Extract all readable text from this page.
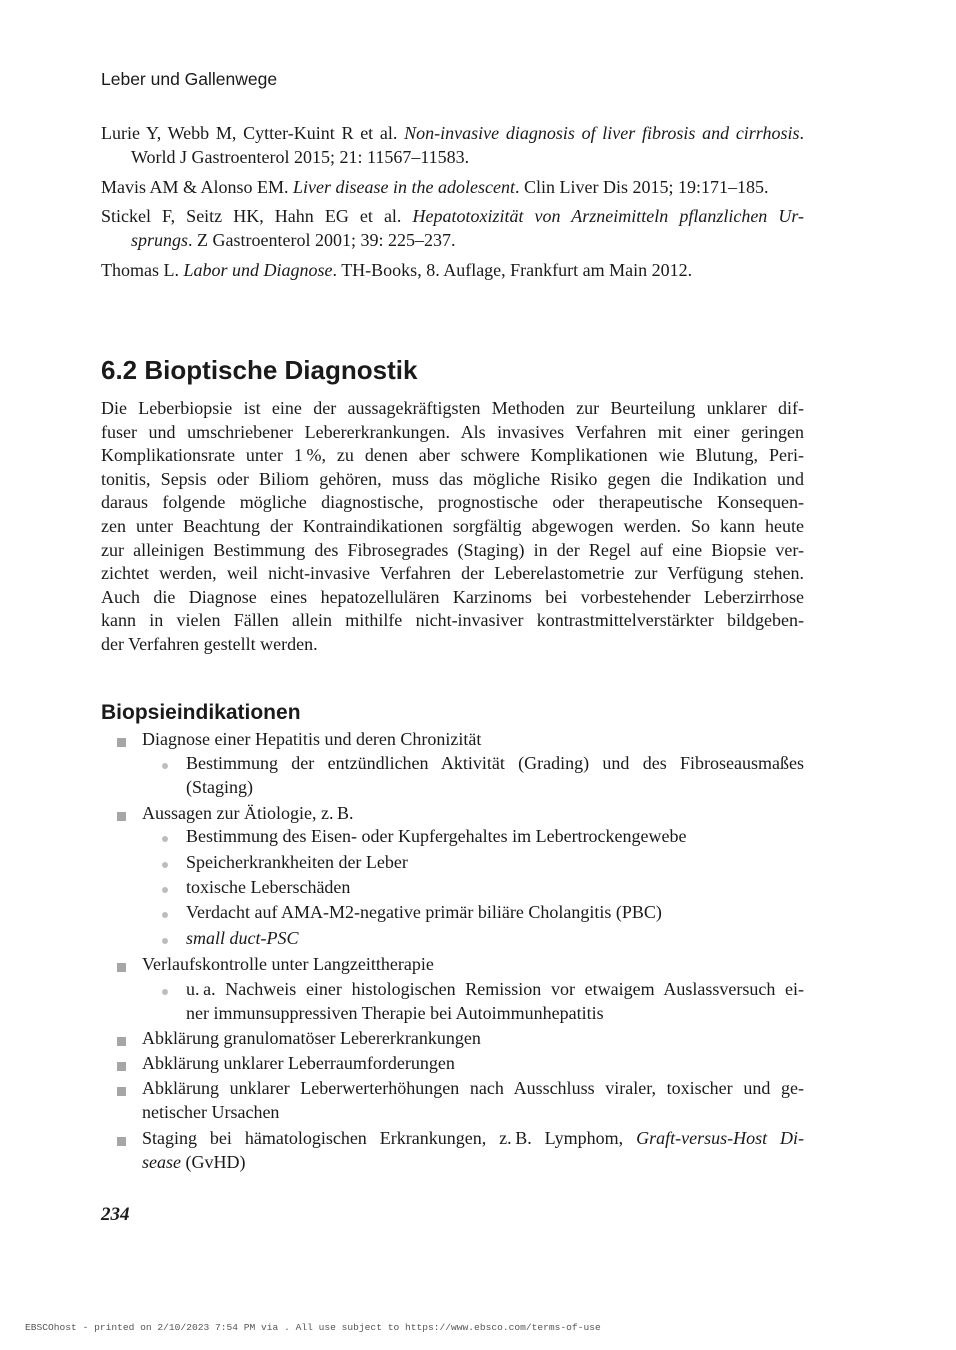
Leber und Gallenwege
Lurie Y, Webb M, Cytter-Kuint R et al. Non-invasive diagnosis of liver fibrosis and cirrhosis.
World J Gastroenterol 2015; 21: 11567–11583.
Mavis AM & Alonso EM. Liver disease in the adolescent. Clin Liver Dis 2015; 19:171–185.
Stickel F, Seitz HK, Hahn EG et al. Hepatotoxizität von Arzneimitteln pflanzlichen Ur-
sprungs. Z Gastroenterol 2001; 39: 225–237.
Thomas L. Labor und Diagnose. TH-Books, 8. Auflage, Frankfurt am Main 2012.
6.2 Bioptische Diagnostik
Die Leberbiopsie ist eine der aussagekräftigsten Methoden zur Beurteilung unklarer dif-
fuser und umschriebener Lebererkrankungen. Als invasives Verfahren mit einer geringen
Komplikationsrate unter 1 %, zu denen aber schwere Komplikationen wie Blutung, Peri-
tonitis, Sepsis oder Biliom gehören, muss das mögliche Risiko gegen die Indikation und
daraus folgende mögliche diagnostische, prognostische oder therapeutische Konsequen-
zen unter Beachtung der Kontraindikationen sorgfältig abgewogen werden. So kann heute
zur alleinigen Bestimmung des Fibrosegrades (Staging) in der Regel auf eine Biopsie ver-
zichtet werden, weil nicht-invasive Verfahren der Leberelastometrie zur Verfügung stehen.
Auch die Diagnose eines hepatozellulären Karzinoms bei vorbestehender Leberzirrhose
kann in vielen Fällen allein mithilfe nicht-invasiver kontrastmittelverstärkter bildgeben-
der Verfahren gestellt werden.
Biopsieindikationen
Diagnose einer Hepatitis und deren Chronizität
Bestimmung der entzündlichen Aktivität (Grading) und des Fibroseausmaßes
(Staging)
Aussagen zur Ätiologie, z. B.
Bestimmung des Eisen- oder Kupfergehaltes im Lebertrockengewebe
Speicherkrankheiten der Leber
toxische Leberschäden
Verdacht auf AMA-M2-negative primär biliäre Cholangitis (PBC)
small duct-PSC
Verlaufskontrolle unter Langzeittherapie
u. a. Nachweis einer histologischen Remission vor etwaigem Auslassversuch ei-
ner immunsuppressiven Therapie bei Autoimmunhepatitis
Abklärung granulomatöser Lebererkrankungen
Abklärung unklarer Leberraumforderungen
Abklärung unklarer Leberwerterhöhungen nach Ausschluss viraler, toxischer und ge-
netischer Ursachen
Staging bei hämatologischen Erkrankungen, z. B. Lymphom, Graft-versus-Host Di-
sease (GvHD)
234
EBSCOhost - printed on 2/10/2023 7:54 PM via . All use subject to https://www.ebsco.com/terms-of-use
